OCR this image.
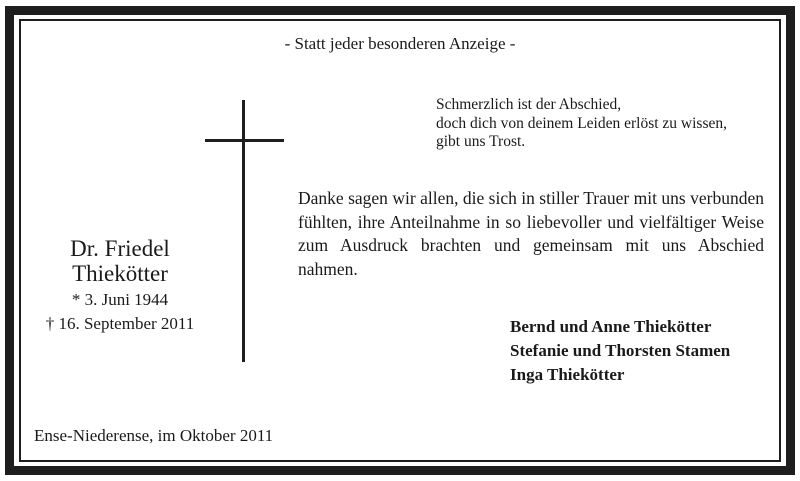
- Statt jeder besonderen Anzeige -
Schmerzlich ist der Abschied,
doch dich von deinem Leiden erlöst zu wissen,
gibt uns Trost.
Danke sagen wir allen, die sich in stiller Trauer mit uns verbunden fühlten, ihre Anteilnahme in so liebevoller und vielfältiger Weise zum Ausdruck brachten und gemeinsam mit uns Abschied nahmen.
Dr. Friedel
Thiekötter
* 3. Juni 1944
† 16. September 2011	Bernd und Anne Thiekötter
Stefanie und Thorsten Stamen
Inga Thiekötter
Ense-Niederense, im Oktober 2011
